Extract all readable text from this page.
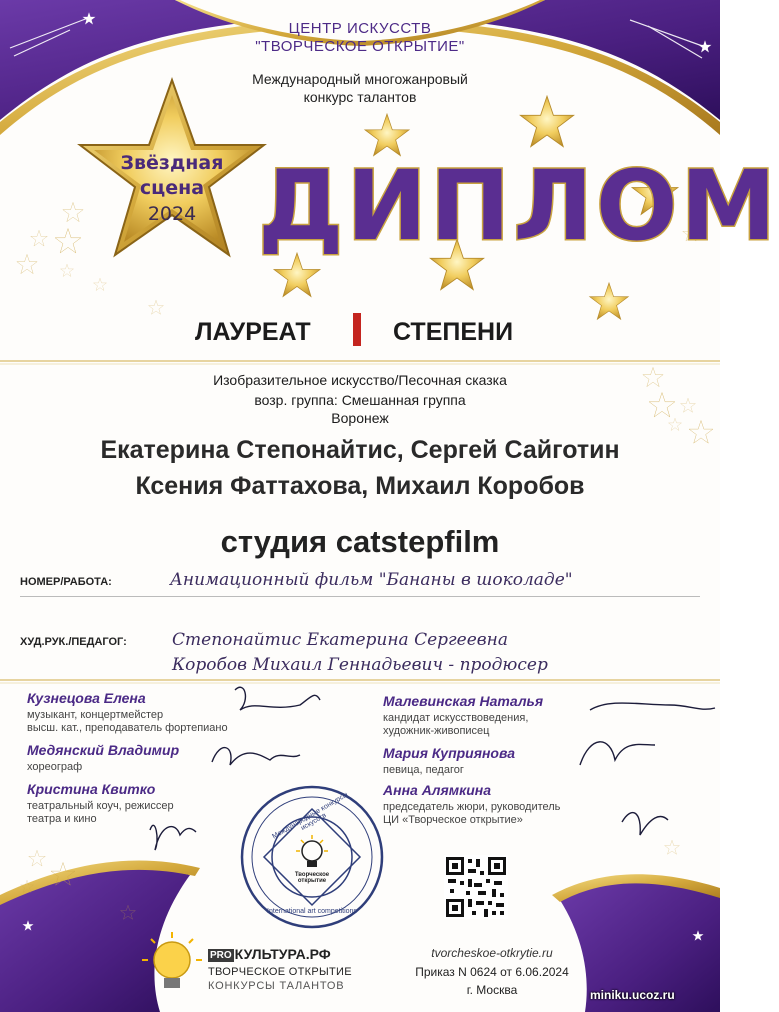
ЦЕНТР ИСКУССТВ
"ТВОРЧЕСКОЕ ОТКРЫТИЕ"
Международный многожанровый
конкурс талантов
Звёздная
сцена
2024 ДИПЛОМ
ЛАУРЕАТ	СТЕПЕНИ
Изобразительное искусство/Песочная сказка
возр. группа: Смешанная группа
Воронеж
Екатерина Степонайтис, Сергей Сайготин
Ксения Фаттахова, Михаил Коробов
студия catstepfilm
НОМЕР/РАБОТА:	Анимационный фильм "Бананы в шоколаде"
ХУД.РУК./ПЕДАГОГ:	Степонайтис Екатерина Сергеевна
Коробов Михаил Геннадьевич - продюсер
Кузнецова Елена
музыкант, концертмейстер
высш. кат., преподаватель фортепиано
Медянский Владимир
хореограф
Кристина Квитко
театральный коуч, режиссер
театра и кино
Малевинская Наталья
кандидат искусствоведения,
художник-живописец
Мария Куприянова
певица, педагог
Анна Алямкина
председатель жюри, руководитель
ЦИ «Творческое открытие»
Международные конкурсы искусств
Творческое открытие
International art competitions
PRO КУЛЬТУРА.РФ
ТВОРЧЕСКОЕ ОТКРЫТИЕ
КОНКУРСЫ ТАЛАНТОВ
tvorcheskoe-otkrytie.ru
Приказ N 0624 от 6.06.2024
г. Москва	miniku.ucoz.ru
